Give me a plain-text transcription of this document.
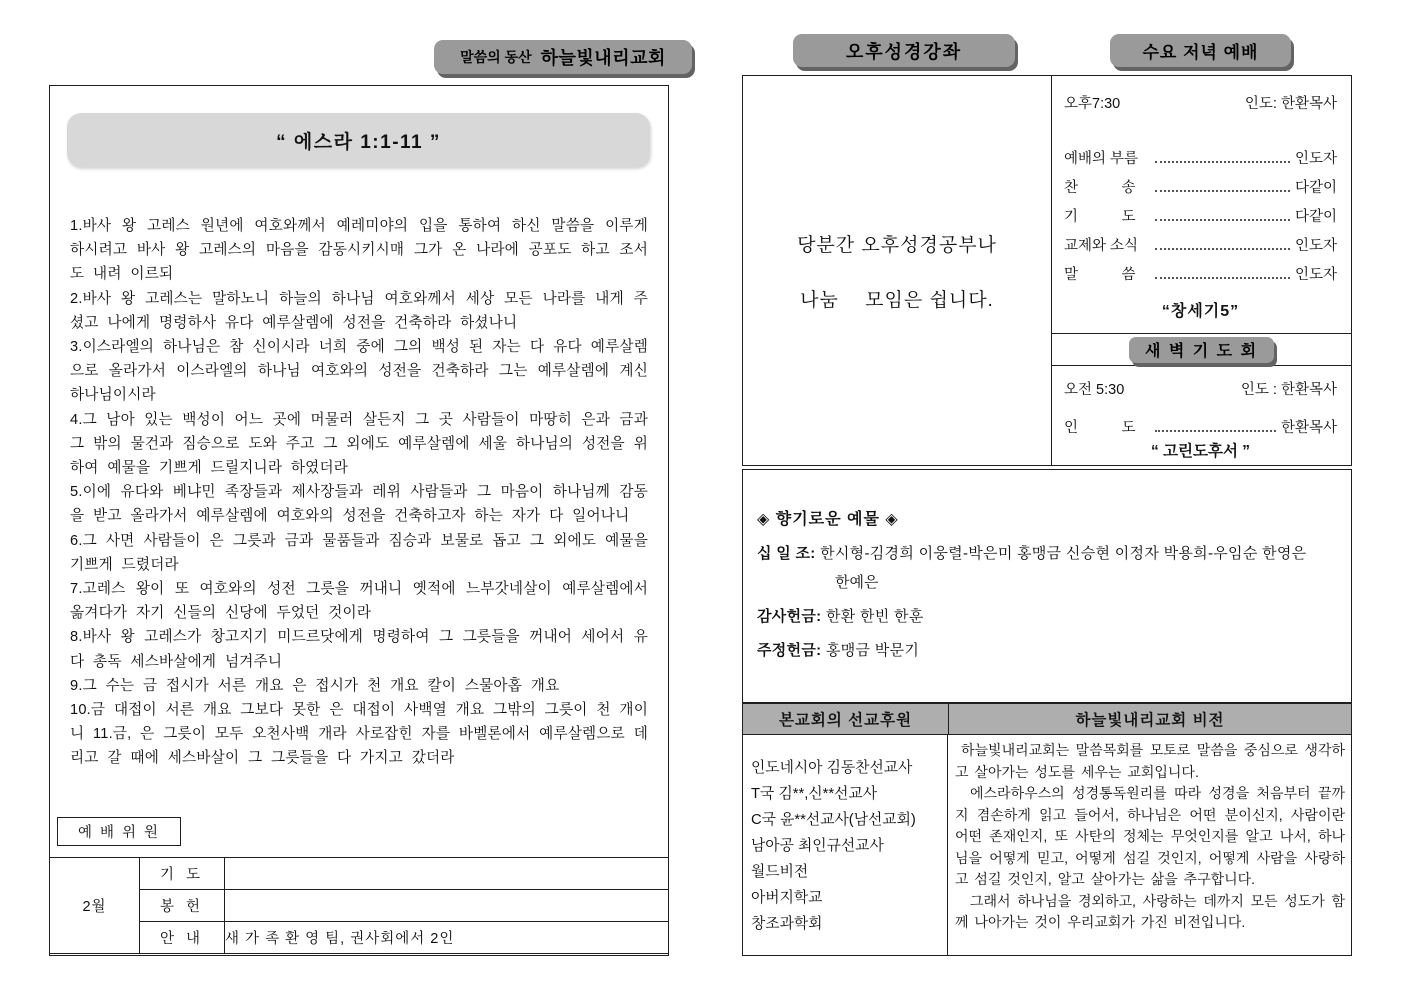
말씀의 동산 하늘빛내리교회
“ 에스라 1:1-11 ”

1.바사 왕 고레스 원년에 여호와께서 예레미야의 입을 통하여 하신 말씀을 이루게 하시려고 바사 왕 고레스의 마음을 감동시키시매 그가 온 나라에 공포도 하고 조서도 내려 이르되

2.바사 왕 고레스는 말하노니 하늘의 하나님 여호와께서 세상 모든 나라를 내게 주셨고 나에게 명령하사 유다 예루살렘에 성전을 건축하라 하셨나니

3.이스라엘의 하나님은 참 신이시라 너희 중에 그의 백성 된 자는 다 유다 예루살렘으로 올라가서 이스라엘의 하나님 여호와의 성전을 건축하라 그는 예루살렘에 계신 하나님이시라

4.그 남아 있는 백성이 어느 곳에 머물러 살든지 그 곳 사람들이 마땅히 은과 금과 그 밖의 물건과 짐승으로 도와 주고 그 외에도 예루살렘에 세울 하나님의 성전을 위하여 예물을 기쁘게 드릴지니라 하였더라

5.이에 유다와 베냐민 족장들과 제사장들과 레위 사람들과 그 마음이 하나님께 감동을 받고 올라가서 예루살렘에 여호와의 성전을 건축하고자 하는 자가 다 일어나니

6.그 사면 사람들이 은 그릇과 금과 물품들과 짐승과 보물로 돕고 그 외에도 예물을 기쁘게 드렸더라

7.고레스 왕이 또 여호와의 성전 그릇을 꺼내니 옛적에 느부갓네살이 예루살렘에서 옮겨다가 자기 신들의 신당에 두었던 것이라

8.바사 왕 고레스가 창고지기 미드르닷에게 명령하여 그 그릇들을 꺼내어 세어서 유다 총독 세스바살에게 넘겨주니

9.그 수는 금 접시가 서른 개요 은 접시가 천 개요 칼이 스물아홉 개요

10.금 대접이 서른 개요 그보다 못한 은 대접이 사백열 개요 그밖의 그릇이 천 개이니 11.금, 은 그릇이 모두 오천사백 개라 사로잡힌 자를 바벨론에서 예루살렘으로 데리고 갈 때에 세스바살이 그 그릇들을 다 가지고 갔더라

예 배 위 원
2월	기 도	
	봉 헌	
	안 내	새 가 족 환 영 팀, 권사회에서 2인
오후성경강좌	수요 저녁 예배
당분간 오후성경공부나
나눔　 모임은 쉽니다.
오후7:30	인도: 한환목사
예배의 부름	인도자
찬　　　송	다같이
기　　　도	다같이
교제와 소식	인도자
말　　　씀	인도자
“창세기5”
새 벽 기 도 회
오전 5:30	인도 : 한환목사
인　　　도	한환목사
“ 고린도후서 ”
◈ 향기로운 예물 ◈
십 일 조: 한시형-김경희 이웅렬-박은미 홍맹금 신승현 이정자 박용희-우임순 한영은
한예은
감사헌금: 한환 한빈 한훈
주정헌금: 홍맹금 박문기
본교회의 선교후원	하늘빛내리교회 비전
인도네시아 김동찬선교사
T국 김**,신**선교사
C국 윤**선교사(남선교회)
남아공 최인규선교사
월드비전
아버지학교
창조과학회

하늘빛내리교회는 말씀목회를 모토로 말씀을 중심으로 생각하고 살아가는 성도를 세우는 교회입니다.

에스라하우스의 성경통독원리를 따라 성경을 처음부터 끝까지 겸손하게 읽고 들어서, 하나님은 어떤 분이신지, 사람이란 어떤 존재인지, 또 사탄의 정체는 무엇인지를 알고 나서, 하나님을 어떻게 믿고, 어떻게 섬길 것인지, 어떻게 사람을 사랑하고 섬길 것인지, 알고 살아가는 삶을 추구합니다.

그래서 하나님을 경외하고, 사랑하는 데까지 모든 성도가 함께 나아가는 것이 우리교회가 가진 비전입니다.
